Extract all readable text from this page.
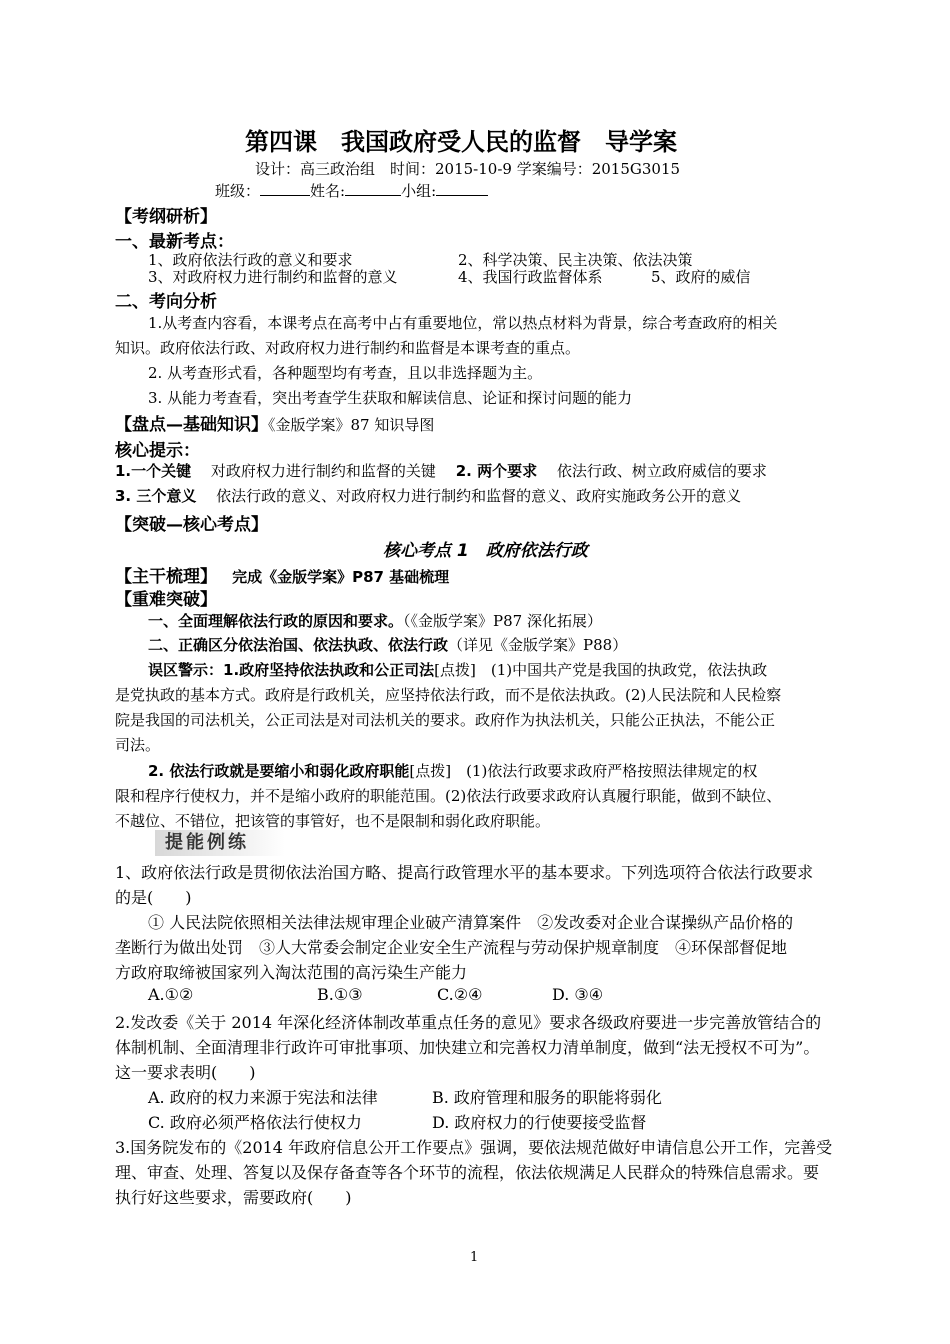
第四课　我国政府受人民的监督　导学案
设计：高三政治组　时间：2015-10-9 学案编号：2015G3015
班级：	姓名:	小组:
【考纲研析】
一、最新考点：
1、政府依法行政的意义和要求	2、科学决策、民主决策、依法决策
3、对政府权力进行制约和监督的意义	4、我国行政监督体系	5、政府的威信
二、考向分析
1.从考查内容看，本课考点在高考中占有重要地位，常以热点材料为背景，综合考查政府的相关
知识。政府依法行政、对政府权力进行制约和监督是本课考查的重点。
2. 从考查形式看，各种题型均有考查，且以非选择题为主。
3. 从能力考查看，突出考查学生获取和解读信息、论证和探讨问题的能力
【盘点—基础知识】《金版学案》87 知识导图
核心提示：
1.一个关键　 对政府权力进行制约和监督的关键　 2. 两个要求　 依法行政、树立政府威信的要求
3. 三个意义　 依法行政的意义、对政府权力进行制约和监督的意义、政府实施政务公开的意义
【突破—核心考点】
核心考点 1　政府依法行政
【主干梳理】 完成《金版学案》P87 基础梳理
【重难突破】
一、全面理解依法行政的原因和要求。（《金版学案》P87 深化拓展）
二、正确区分依法治国、依法执政、依法行政（详见《金版学案》P88）
误区警示：1.政府坚持依法执政和公正司法[点拨]　(1)中国共产党是我国的执政党，依法执政
是党执政的基本方式。政府是行政机关，应坚持依法行政，而不是依法执政。(2)人民法院和人民检察
院是我国的司法机关，公正司法是对司法机关的要求。政府作为执法机关，只能公正执法，不能公正
司法。
2. 依法行政就是要缩小和弱化政府职能[点拨]　(1)依法行政要求政府严格按照法律规定的权
限和程序行使权力，并不是缩小政府的职能范围。(2)依法行政要求政府认真履行职能，做到不缺位、
不越位、不错位，把该管的事管好，也不是限制和弱化政府职能。
提能例练
1、政府依法行政是贯彻依法治国方略、提高行政管理水平的基本要求。下列选项符合依法行政要求
的是(　　)
① 人民法院依照相关法律法规审理企业破产清算案件　②发改委对企业合谋操纵产品价格的
垄断行为做出处罚　③人大常委会制定企业安全生产流程与劳动保护规章制度　④环保部督促地
方政府取缔被国家列入淘汰范围的高污染生产能力
A.①②	B.①③	C.②④	D. ③④
2.发改委《关于 2014 年深化经济体制改革重点任务的意见》要求各级政府要进一步完善放管结合的
体制机制、全面清理非行政许可审批事项、加快建立和完善权力清单制度，做到“法无授权不可为”。
这一要求表明(　　)
A. 政府的权力来源于宪法和法律	B. 政府管理和服务的职能将弱化
C. 政府必须严格依法行使权力	D. 政府权力的行使要接受监督
3.国务院发布的《2014 年政府信息公开工作要点》强调，要依法规范做好申请信息公开工作，完善受
理、审查、处理、答复以及保存备查等各个环节的流程，依法依规满足人民群众的特殊信息需求。要
执行好这些要求，需要政府(　　)
1
